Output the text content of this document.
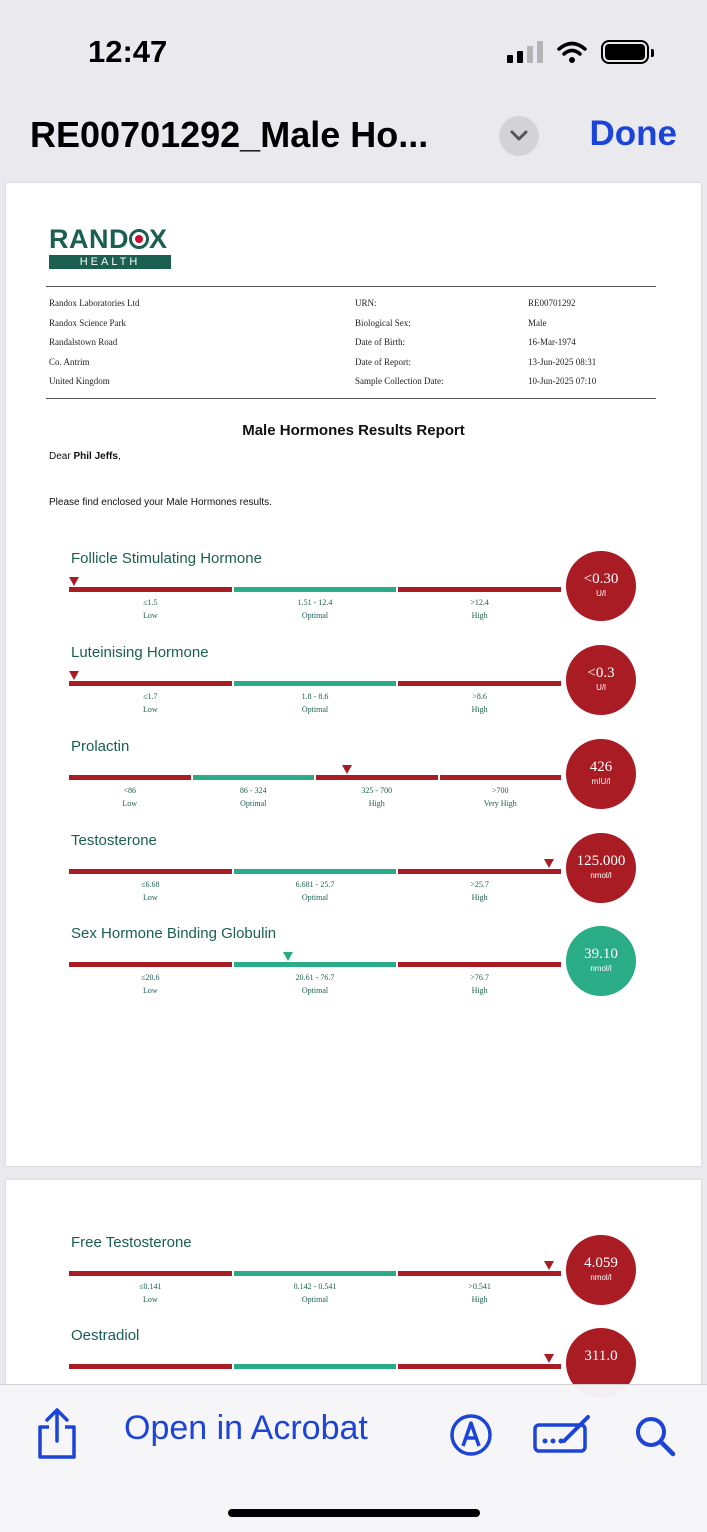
12:47
RE00701292_Male Ho...	Done
RAND X
HEALTH
Randox Laboratories Ltd
Randox Science Park
Randalstown Road
Co. Antrim
United Kingdom
URN:
Biological Sex:
Date of Birth:
Date of Report:
Sample Collection Date:
RE00701292
Male
16-Mar-1974
13-Jun-2025 08:31
10-Jun-2025 07:10
Male Hormones Results Report
Dear Phil Jeffs,
Please find enclosed your Male Hormones results.
Follicle Stimulating Hormone
≤1.5
Low
1.51 - 12.4
Optimal
>12.4
High
<0.30
U/l
Luteinising Hormone
≤1.7
Low
1.8 - 8.6
Optimal
>8.6
High
<0.3
U/l
Prolactin
<86
Low
86 - 324
Optimal
325 - 700
High
>700
Very High
426
mIU/l
Testosterone
≤6.68
Low
6.681 - 25.7
Optimal
>25.7
High
125.000
nmol/l
Sex Hormone Binding Globulin
≤20.6
Low
20.61 - 76.7
Optimal
>76.7
High
39.10
nmol/l
Free Testosterone
≤0.141
Low
0.142 - 0.541
Optimal
>0.541
High
4.059
nmol/l
Oestradiol
311.0
Open in Acrobat
